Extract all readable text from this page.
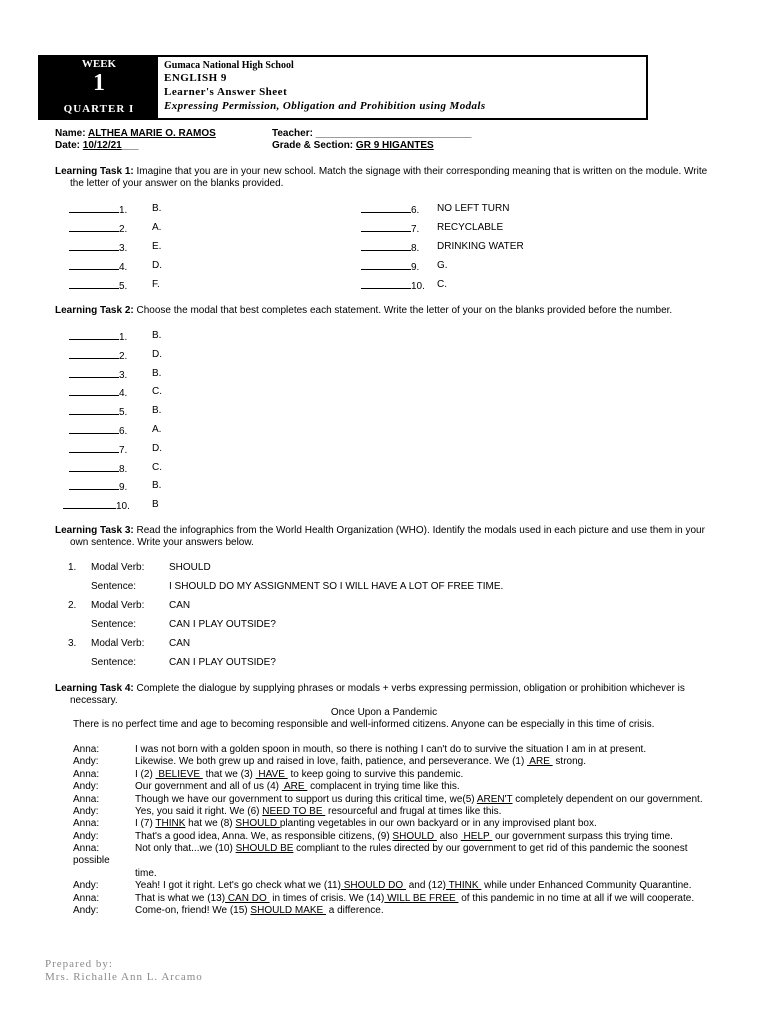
WEEK
1
QUARTER I
Gumaca National High School
ENGLISH 9
Learner's Answer Sheet
Expressing Permission, Obligation and Prohibition using Modals
Name: ALTHEA MARIE O. RAMOS	Teacher: ____________________________
Date: 10/12/21___	Grade & Section: GR 9 HIGANTES
Learning Task 1: Imagine that you are in your new school. Match the signage with their corresponding meaning that is written on the module. Write
the letter of your answer on the blanks provided.
1. B.
2. A.
3. E.
4. D.
5. F.
6. NO LEFT TURN
7. RECYCLABLE
8. DRINKING WATER
9. G.
10. C.
Learning Task 2: Choose the modal that best completes each statement. Write the letter of your on the blanks provided before the number.
1. B.
2. D.
3. B.
4. C.
5. B.
6. A.
7. D.
8. C.
9. B.
10. B
Learning Task 3: Read the infographics from the World Health Organization (WHO). Identify the modals used in each picture and use them in your
own sentence. Write your answers below.
1. Modal Verb: SHOULD
Sentence:	I SHOULD DO MY ASSIGNMENT SO I WILL HAVE A LOT OF FREE TIME.
2. Modal Verb: CAN
Sentence:	CAN I PLAY OUTSIDE?
3. Modal Verb: CAN
Sentence:	CAN I PLAY OUTSIDE?
Learning Task 4: Complete the dialogue by supplying phrases or modals + verbs expressing permission, obligation or prohibition whichever is
necessary.
Once Upon a Pandemic
There is no perfect time and age to becoming responsible and well-informed citizens. Anyone can be especially in this time of crisis.
Anna:	I was not born with a golden spoon in mouth, so there is nothing I can't do to survive the situation I am in at present.
Andy:	Likewise. We both grew up and raised in love, faith, patience, and perseverance. We (1)  ARE  strong.
Anna:	I (2)  BELIEVE  that we (3)  HAVE  to keep going to survive this pandemic.
Andy:	Our government and all of us (4)  ARE  complacent in trying time like this.
Anna:	Though we have our government to support us during this critical time, we(5) AREN'T completely dependent on our government.
Andy:	Yes, you said it right. We (6) NEED TO BE  resourceful and frugal at times like this.
Anna:	I (7) THINK hat we (8) SHOULD planting vegetables in our own backyard or in any improvised plant box.
Andy:	That's a good idea, Anna. We, as responsible citizens, (9) SHOULD  also  HELP  our government surpass this trying time.
Anna:	Not only that...we (10) SHOULD BE compliant to the rules directed by our government to get rid of this pandemic the soonest
possible
time.
Andy:	Yeah! I got it right. Let's go check what we (11) SHOULD DO  and (12) THINK  while under Enhanced Community Quarantine.
Anna:	That is what we (13) CAN DO  in times of crisis. We (14) WILL BE FREE  of this pandemic in no time at all if we will cooperate.
Andy:	Come-on, friend! We (15) SHOULD MAKE  a difference.
Prepared by:
Mrs. Richalle Ann L. Arcamo
